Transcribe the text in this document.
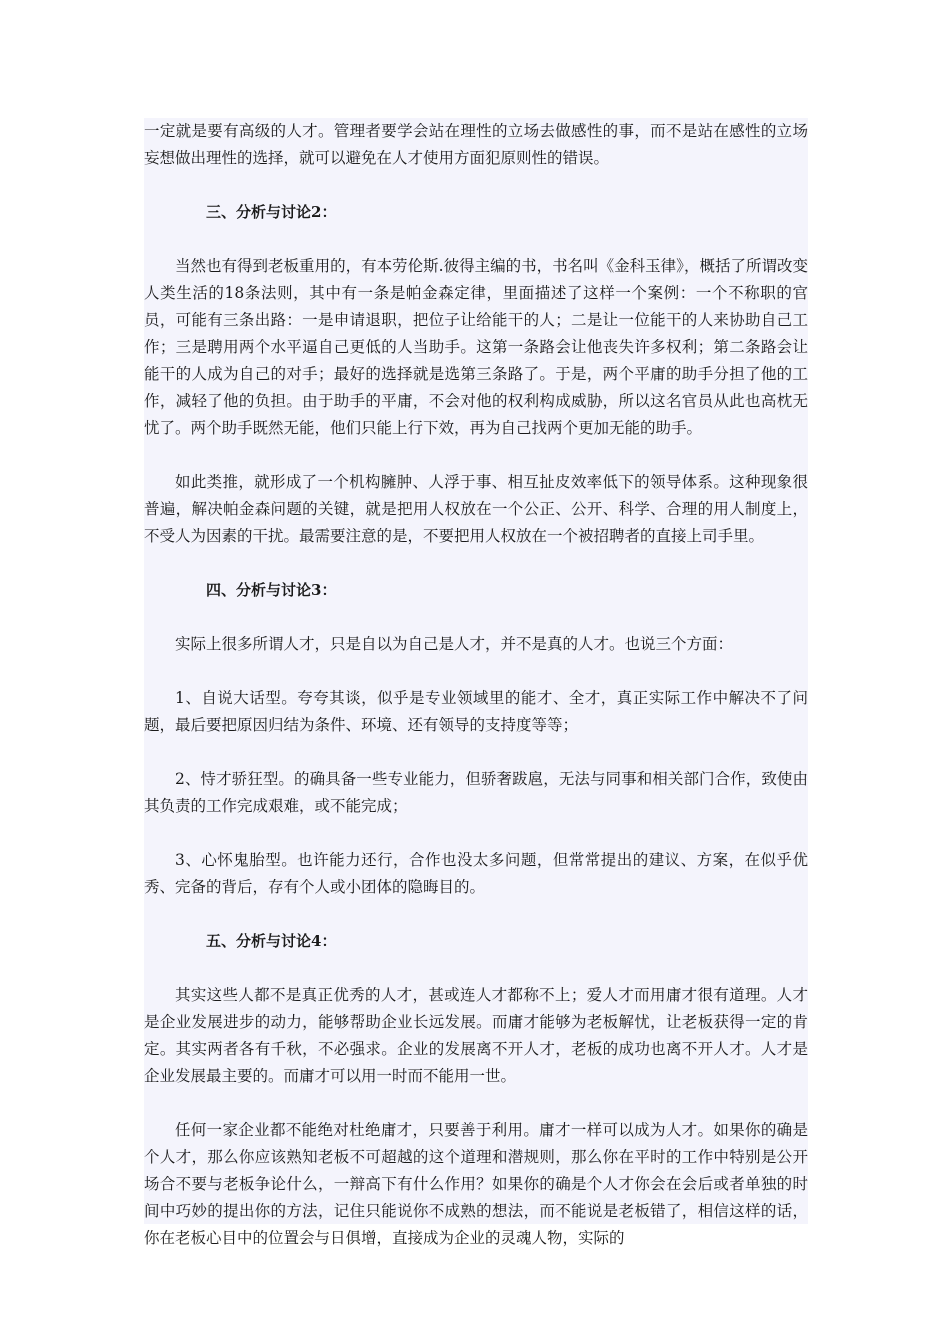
一定就是要有高级的人才。管理者要学会站在理性的立场去做感性的事，而不是站在感性的立场妄想做出理性的选择，就可以避免在人才使用方面犯原则性的错误。

三、分析与讨论2：

当然也有得到老板重用的，有本劳伦斯.彼得主编的书，书名叫《金科玉律》，概括了所谓改变人类生活的18条法则，其中有一条是帕金森定律，里面描述了这样一个案例：一个不称职的官员，可能有三条出路：一是申请退职，把位子让给能干的人；二是让一位能干的人来协助自己工作；三是聘用两个水平逼自己更低的人当助手。这第一条路会让他丧失许多权利；第二条路会让能干的人成为自己的对手；最好的选择就是选第三条路了。于是，两个平庸的助手分担了他的工作，减轻了他的负担。由于助手的平庸，不会对他的权利构成威胁，所以这名官员从此也高枕无忧了。两个助手既然无能，他们只能上行下效，再为自己找两个更加无能的助手。

如此类推，就形成了一个机构臃肿、人浮于事、相互扯皮效率低下的领导体系。这种现象很普遍，解决帕金森问题的关键，就是把用人权放在一个公正、公开、科学、合理的用人制度上，不受人为因素的干扰。最需要注意的是，不要把用人权放在一个被招聘者的直接上司手里。

四、分析与讨论3：

实际上很多所谓人才，只是自以为自己是人才，并不是真的人才。也说三个方面：

1、自说大话型。夸夸其谈，似乎是专业领域里的能才、全才，真正实际工作中解决不了问题，最后要把原因归结为条件、环境、还有领导的支持度等等；

2、恃才骄狂型。的确具备一些专业能力，但骄奢跋扈，无法与同事和相关部门合作，致使由其负责的工作完成艰难，或不能完成；

3、心怀鬼胎型。也许能力还行，合作也没太多问题，但常常提出的建议、方案，在似乎优秀、完备的背后，存有个人或小团体的隐晦目的。

五、分析与讨论4：

其实这些人都不是真正优秀的人才，甚或连人才都称不上；爱人才而用庸才很有道理。人才是企业发展进步的动力，能够帮助企业长远发展。而庸才能够为老板解忧，让老板获得一定的肯定。其实两者各有千秋，不必强求。企业的发展离不开人才，老板的成功也离不开人才。人才是企业发展最主要的。而庸才可以用一时而不能用一世。

任何一家企业都不能绝对杜绝庸才，只要善于利用。庸才一样可以成为人才。如果你的确是个人才，那么你应该熟知老板不可超越的这个道理和潜规则，那么你在平时的工作中特别是公开场合不要与老板争论什么，一辩高下有什么作用？如果你的确是个人才你会在会后或者单独的时间中巧妙的提出你的方法，记住只能说你不成熟的想法，而不能说是老板错了，相信这样的话，你在老板心目中的位置会与日俱增，直接成为企业的灵魂人物，实际的
